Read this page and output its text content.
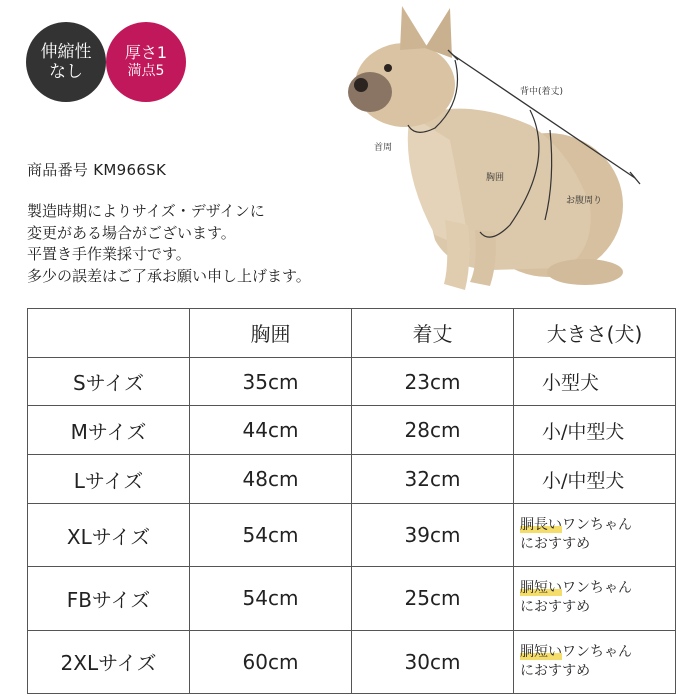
伸縮性
なし
厚さ1
満点5
商品番号 KM966SK
製造時期によりサイズ・デザインに
変更がある場合がございます。
平置き手作業採寸です。
多少の誤差はご了承お願い申し上げます。
背中(着丈)
首周
胸囲
お腹周り
	胸囲	着丈	大きさ(犬)
Sサイズ	35cm	23cm	小型犬
Mサイズ	44cm	28cm	小/中型犬
Lサイズ	48cm	32cm	小/中型犬
XLサイズ	54cm	39cm	胴長いワンちゃん
におすすめ
FBサイズ	54cm	25cm	胴短いワンちゃん
におすすめ
2XLサイズ	60cm	30cm	胴短いワンちゃん
におすすめ
